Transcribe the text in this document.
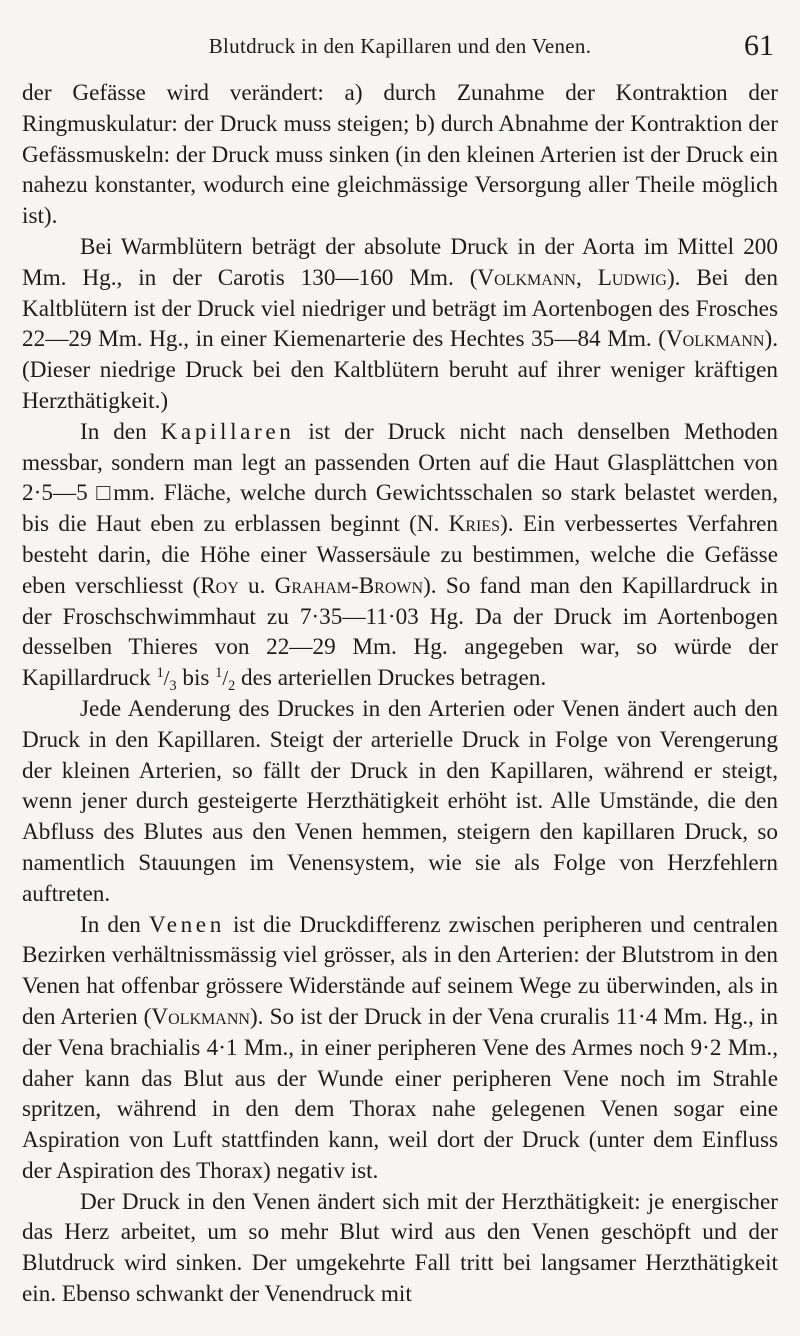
Blutdruck in den Kapillaren und den Venen.	61

der Gefässe wird verändert: a) durch Zunahme der Kontraktion der Ringmuskulatur: der Druck muss steigen; b) durch Abnahme der Kontraktion der Gefässmuskeln: der Druck muss sinken (in den kleinen Arterien ist der Druck ein nahezu konstanter, wodurch eine gleichmässige Versorgung aller Theile möglich ist).

Bei Warmblütern beträgt der absolute Druck in der Aorta im Mittel 200 Mm. Hg., in der Carotis 130—160 Mm. (Volkmann, Ludwig). Bei den Kaltblütern ist der Druck viel niedriger und beträgt im Aortenbogen des Frosches 22—29 Mm. Hg., in einer Kiemenarterie des Hechtes 35—84 Mm. (Volkmann). (Dieser niedrige Druck bei den Kaltblütern beruht auf ihrer weniger kräftigen Herzthätigkeit.)

In den Kapillaren ist der Druck nicht nach denselben Methoden messbar, sondern man legt an passenden Orten auf die Haut Glasplättchen von 2·5—5 □mm. Fläche, welche durch Gewichtsschalen so stark belastet werden, bis die Haut eben zu erblassen beginnt (N. Kries). Ein verbessertes Verfahren besteht darin, die Höhe einer Wassersäule zu bestimmen, welche die Gefässe eben verschliesst (Roy u. Graham-Brown). So fand man den Kapillardruck in der Froschschwimmhaut zu 7·35—11·03 Hg. Da der Druck im Aortenbogen desselben Thieres von 22—29 Mm. Hg. angegeben war, so würde der Kapillardruck $^1/_3$ bis $^1/_2$ des arteriellen Druckes betragen.

Jede Aenderung des Druckes in den Arterien oder Venen ändert auch den Druck in den Kapillaren. Steigt der arterielle Druck in Folge von Verengerung der kleinen Arterien, so fällt der Druck in den Kapillaren, während er steigt, wenn jener durch gesteigerte Herzthätigkeit erhöht ist. Alle Umstände, die den Abfluss des Blutes aus den Venen hemmen, steigern den kapillaren Druck, so namentlich Stauungen im Venensystem, wie sie als Folge von Herzfehlern auftreten.

In den Venen ist die Druckdifferenz zwischen peripheren und centralen Bezirken verhältnissmässig viel grösser, als in den Arterien: der Blutstrom in den Venen hat offenbar grössere Widerstände auf seinem Wege zu überwinden, als in den Arterien (Volkmann). So ist der Druck in der Vena cruralis 11·4 Mm. Hg., in der Vena brachialis 4·1 Mm., in einer peripheren Vene des Armes noch 9·2 Mm., daher kann das Blut aus der Wunde einer peripheren Vene noch im Strahle spritzen, während in den dem Thorax nahe gelegenen Venen sogar eine Aspiration von Luft stattfinden kann, weil dort der Druck (unter dem Einfluss der Aspiration des Thorax) negativ ist.

Der Druck in den Venen ändert sich mit der Herzthätigkeit: je energischer das Herz arbeitet, um so mehr Blut wird aus den Venen geschöpft und der Blutdruck wird sinken. Der umgekehrte Fall tritt bei langsamer Herzthätigkeit ein. Ebenso schwankt der Venendruck mit
